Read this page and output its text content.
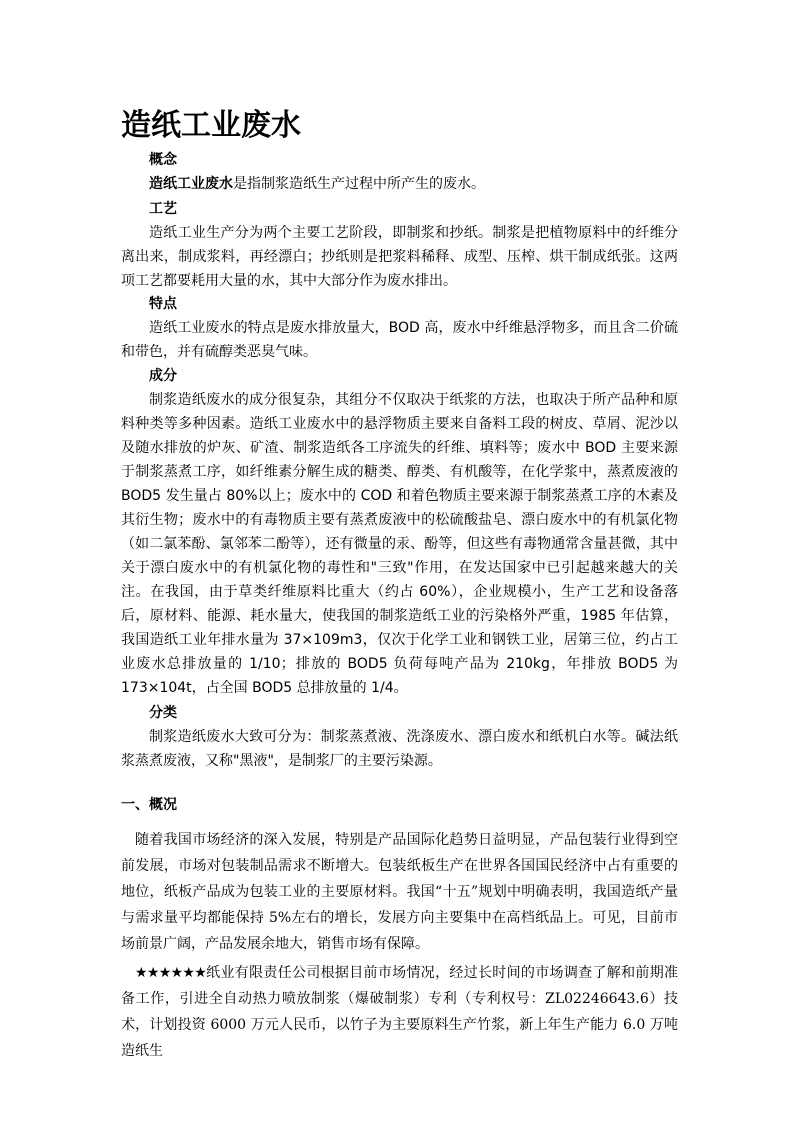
造纸工业废水
概念

造纸工业废水是指制浆造纸生产过程中所产生的废水。

工艺

造纸工业生产分为两个主要工艺阶段，即制浆和抄纸。制浆是把植物原料中的纤维分离出来，制成浆料，再经漂白；抄纸则是把浆料稀释、成型、压榨、烘干制成纸张。这两项工艺都要耗用大量的水，其中大部分作为废水排出。

特点

造纸工业废水的特点是废水排放量大，BOD 高，废水中纤维悬浮物多，而且含二价硫和带色，并有硫醇类恶臭气味。

成分

制浆造纸废水的成分很复杂，其组分不仅取决于纸浆的方法，也取决于所产品种和原料种类等多种因素。造纸工业废水中的悬浮物质主要来自备料工段的树皮、草屑、泥沙以及随水排放的炉灰、矿渣、制浆造纸各工序流失的纤维、填料等；废水中 BOD 主要来源于制浆蒸煮工序，如纤维素分解生成的糖类、醇类、有机酸等，在化学浆中，蒸煮废液的 BOD5 发生量占 80%以上；废水中的 COD 和着色物质主要来源于制浆蒸煮工序的木素及其衍生物；废水中的有毒物质主要有蒸煮废液中的松硫酸盐皂、漂白废水中的有机氯化物（如二氯苯酚、氯邻苯二酚等），还有微量的汞、酚等，但这些有毒物通常含量甚微，其中关于漂白废水中的有机氯化物的毒性和"三致"作用，在发达国家中已引起越来越大的关注。在我国，由于草类纤维原料比重大（约占 60%），企业规模小，生产工艺和设备落后，原材料、能源、耗水量大，使我国的制浆造纸工业的污染格外严重，1985 年估算，我国造纸工业年排水量为 37×109m3，仅次于化学工业和钢铁工业，居第三位，约占工业废水总排放量的 1/10；排放的 BOD5 负荷每吨产品为 210kg，年排放 BOD5 为 173×104t，占全国 BOD5 总排放量的 1/4。

分类

制浆造纸废水大致可分为：制浆蒸煮液、洗涤废水、漂白废水和纸机白水等。碱法纸浆蒸煮废液，又称"黑液"，是制浆厂的主要污染源。

一、概况

随着我国市场经济的深入发展，特别是产品国际化趋势日益明显，产品包装行业得到空前发展，市场对包装制品需求不断增大。包装纸板生产在世界各国国民经济中占有重要的地位，纸板产品成为包装工业的主要原材料。我国“十五”规划中明确表明，我国造纸产量与需求量平均都能保持 5%左右的增长，发展方向主要集中在高档纸品上。可见，目前市场前景广阔，产品发展余地大，销售市场有保障。

★★★★★★纸业有限责任公司根据目前市场情况，经过长时间的市场调查了解和前期准备工作，引进全自动热力喷放制浆（爆破制浆）专利（专利权号：ZL02246643.6）技术，计划投资 6000 万元人民币，以竹子为主要原料生产竹浆，新上年生产能力 6.0 万吨造纸生
